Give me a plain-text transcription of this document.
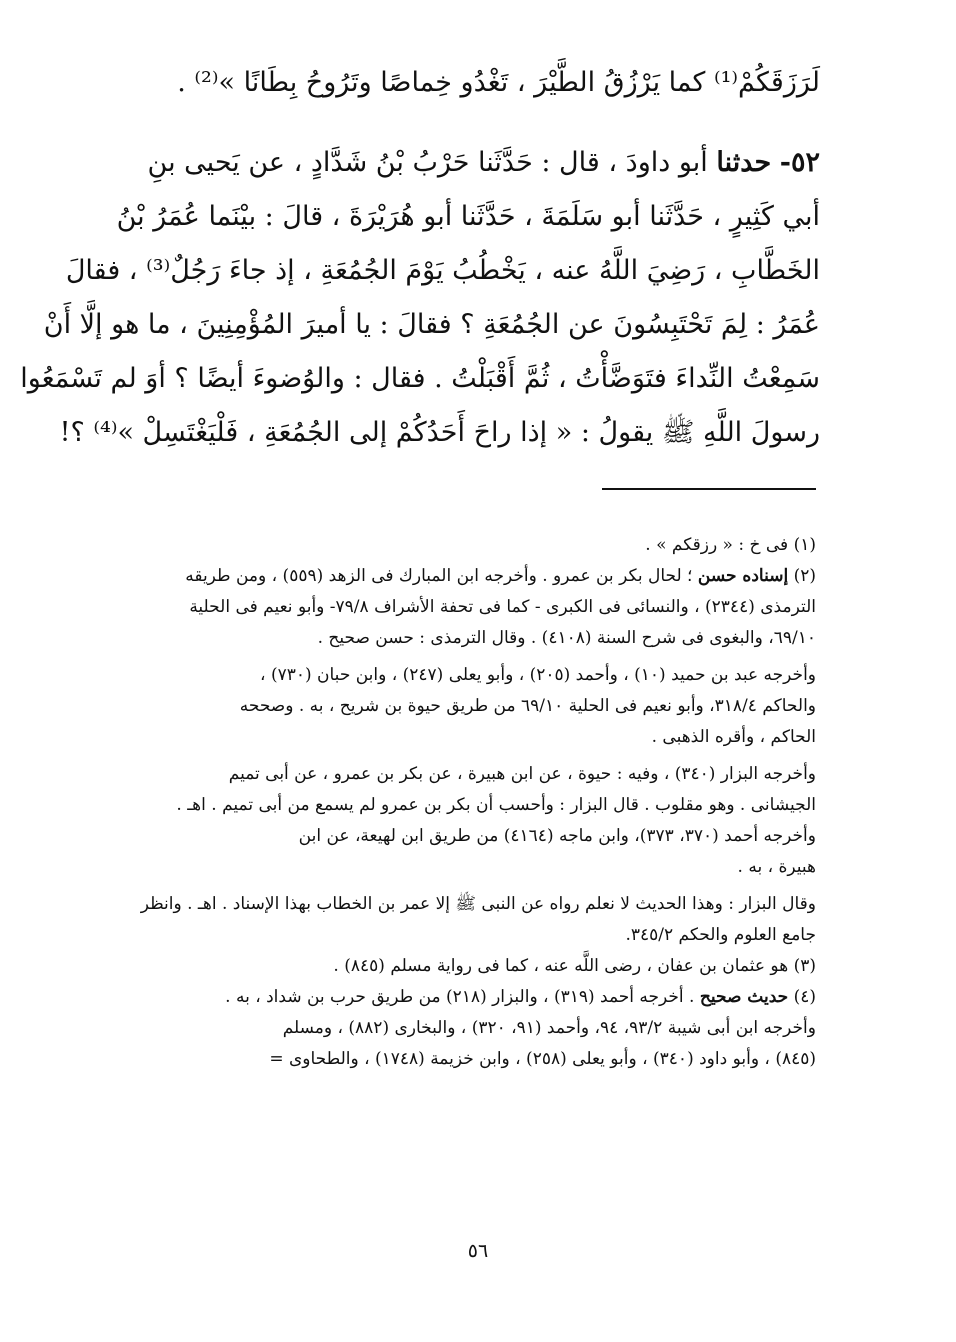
لَرَزَقَكُمْ⁽¹⁾ كما يَرْزُقُ الطَّيْرَ ، تَغْدُو خِماصًا وتَرُوحُ بِطَانًا »⁽²⁾ .
٥٢- حدثنا أبو داودَ ، قال : حَدَّثَنا حَرْبُ بْنُ شَدَّادٍ ، عن يَحيى بنِ
أبي كَثِيرٍ ، حَدَّثَنا أبو سَلَمَةَ ، حَدَّثَنا أبو هُرَيْرَةَ ، قالَ : بيْنَما عُمَرُ بْنُ
الخَطَّابِ ، رَضِيَ اللَّهُ عنه ، يَخْطُبُ يَوْمَ الجُمُعَةِ ، إذ جاءَ رَجُلٌ⁽³⁾ ، فقالَ
عُمَرُ : لِمَ تَحْتَبِسُونَ عن الجُمُعَةِ ؟ فقالَ : يا أميرَ المُؤْمِنِينَ ، ما هو إلَّا أَنْ
سَمِعْتُ النِّداءَ فتَوَضَّأْتُ ، ثُمَّ أَقْبَلْتُ . فقال : والوُضوءَ أيضًا ؟ أوَ لم تَسْمَعُوا
رسولَ اللَّهِ ﷺ يقولُ : « إذا راحَ أَحَدُكُمْ إلى الجُمُعَةِ ، فَلْيَغْتَسِلْ »⁽⁴⁾ ؟!
(١) فى خ : « رزقكم » .
(٢) إسناده حسن ؛ لحال بكر بن عمرو . وأخرجه ابن المبارك فى الزهد (٥٥٩) ، ومن طريقه
الترمذى (٢٣٤٤) ، والنسائى فى الكبرى - كما فى تحفة الأشراف ٧٩/٨- وأبو نعيم فى الحلية
٦٩/١٠، والبغوى فى شرح السنة (٤١٠٨) . وقال الترمذى : حسن صحيح .
وأخرجه عبد بن حميد (١٠) ، وأحمد (٢٠٥) ، وأبو يعلى (٢٤٧) ، وابن حبان (٧٣٠) ،
والحاكم ٣١٨/٤، وأبو نعيم فى الحلية ٦٩/١٠ من طريق حيوة بن شريح ، به . وصححه
الحاكم ، وأقره الذهبى .
وأخرجه البزار (٣٤٠) ، وفيه : حيوة ، عن ابن هبيرة ، عن بكر بن عمرو ، عن أبى تميم
الجيشانى . وهو مقلوب . قال البزار : وأحسب أن بكر بن عمرو لم يسمع من أبى تميم . اهـ .
وأخرجه أحمد (٣٧٠، ٣٧٣)، وابن ماجه (٤١٦٤) من طريق ابن لهيعة، عن ابن
هبيرة ، به .
وقال البزار : وهذا الحديث لا نعلم رواه عن النبى ﷺ إلا عمر بن الخطاب بهذا الإسناد . اهـ . وانظر
جامع العلوم والحكم ٣٤٥/٢.
(٣) هو عثمان بن عفان ، رضى اللَّه عنه ، كما فى رواية مسلم (٨٤٥) .
(٤) حديث صحيح . أخرجه أحمد (٣١٩) ، والبزار (٢١٨) من طريق حرب بن شداد ، به .
وأخرجه ابن أبى شيبة ٩٣/٢، ٩٤، وأحمد (٩١، ٣٢٠) ، والبخارى (٨٨٢) ، ومسلم
(٨٤٥) ، وأبو داود (٣٤٠) ، وأبو يعلى (٢٥٨) ، وابن خزيمة (١٧٤٨) ، والطحاوى =
٥٦
